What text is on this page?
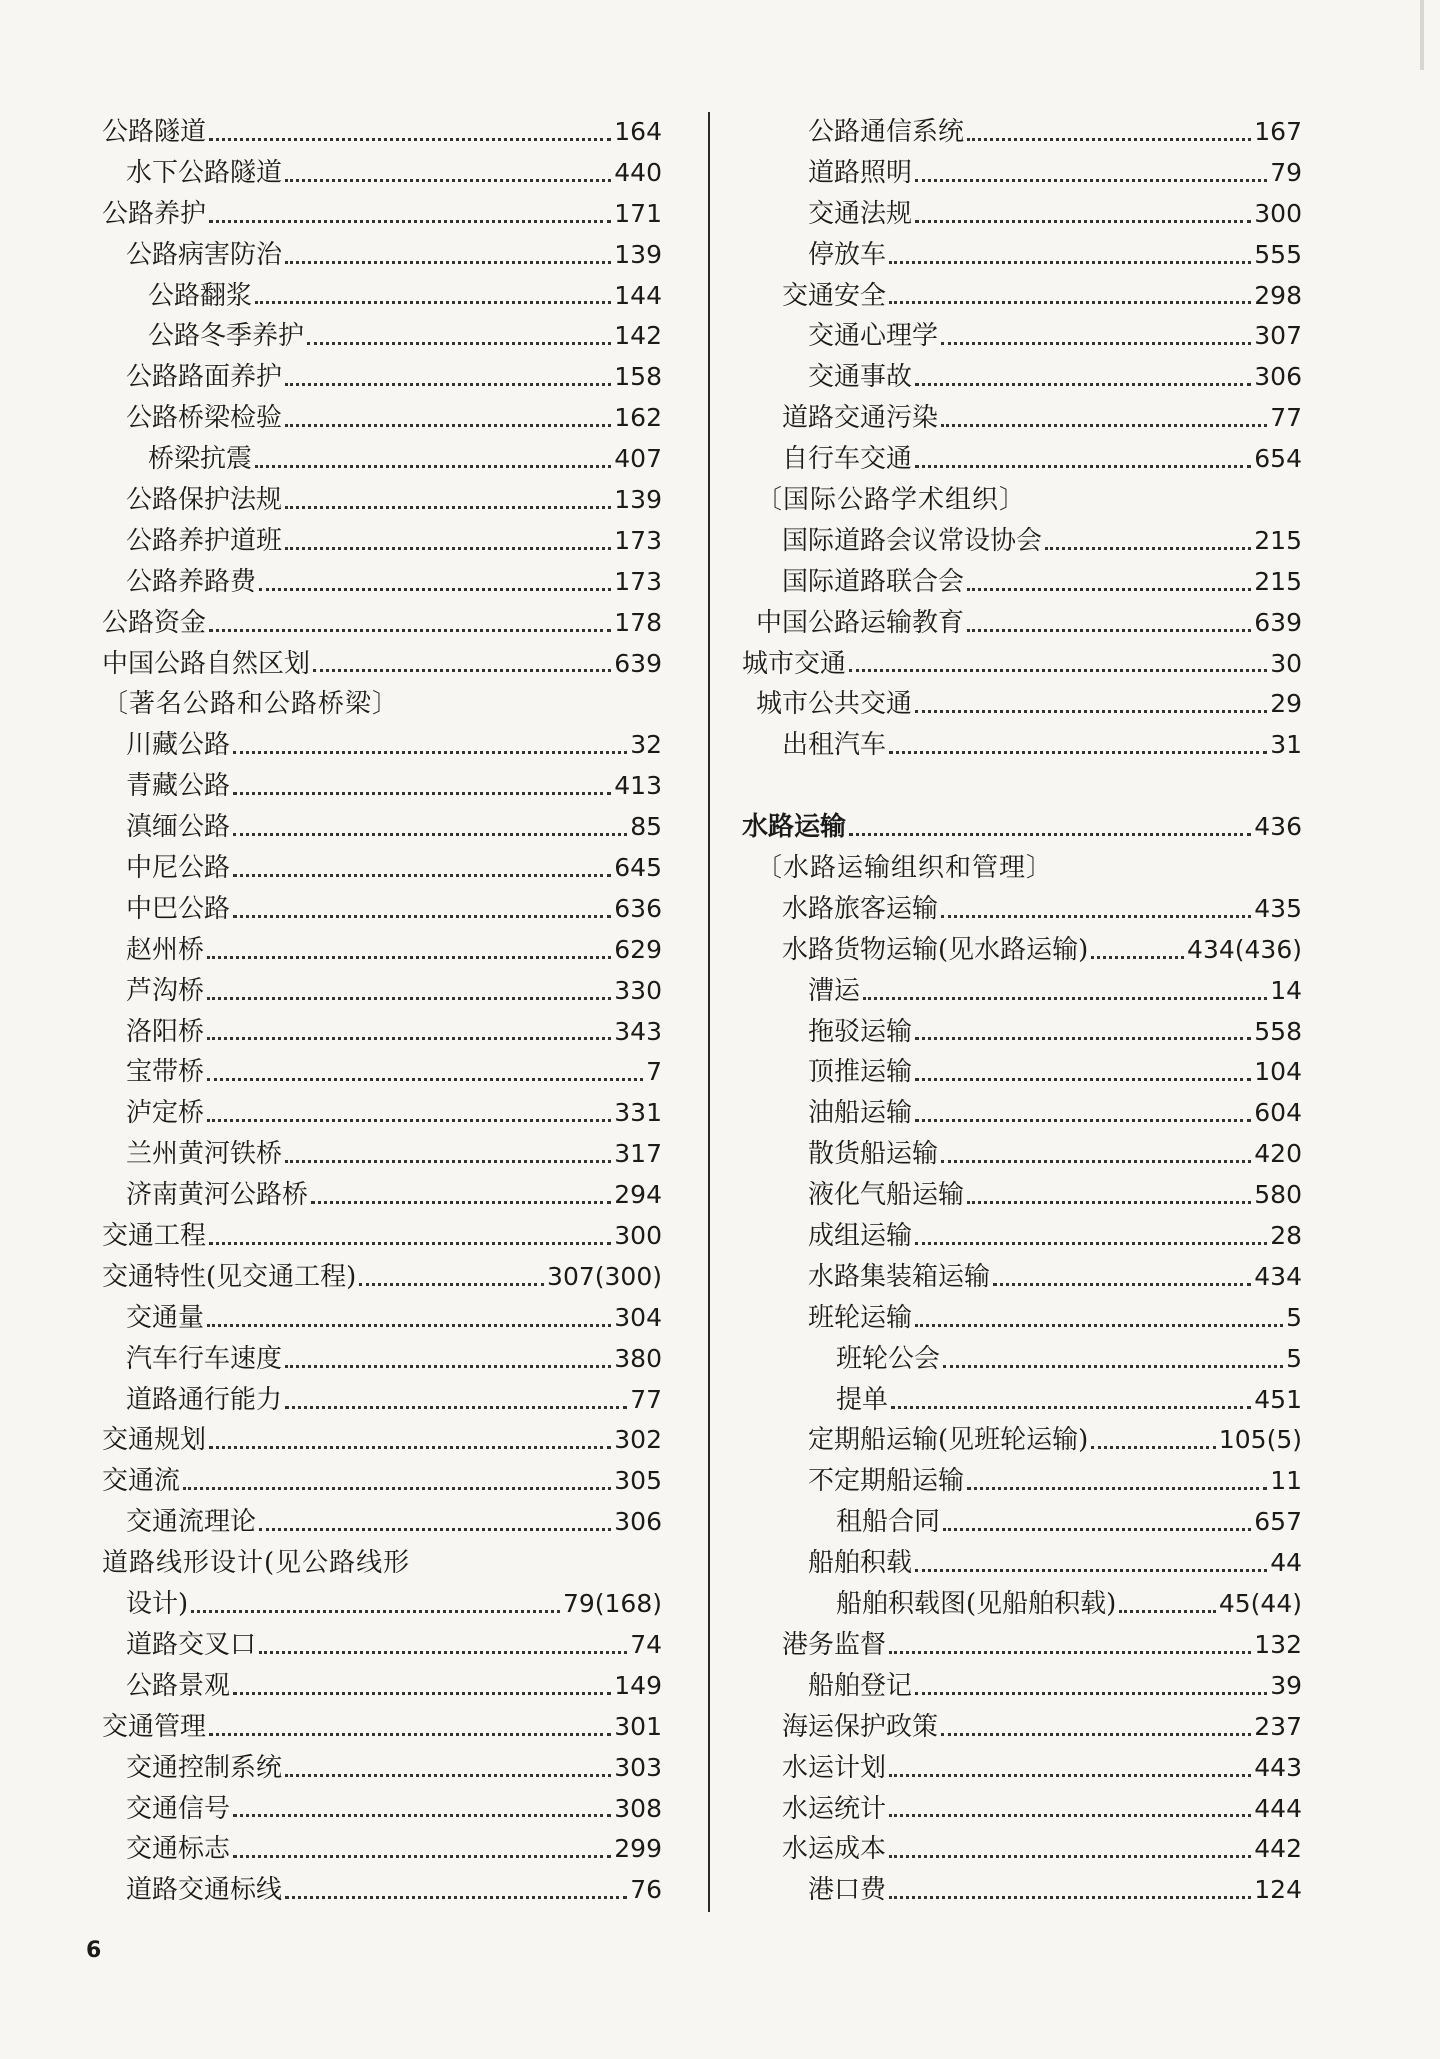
公路隧道	164
水下公路隧道	440
公路养护	171
公路病害防治	139
公路翻浆	144
公路冬季养护	142
公路路面养护	158
公路桥梁检验	162
桥梁抗震	407
公路保护法规	139
公路养护道班	173
公路养路费	173
公路资金	178
中国公路自然区划	639
〔著名公路和公路桥梁〕
川藏公路	32
青藏公路	413
滇缅公路	85
中尼公路	645
中巴公路	636
赵州桥	629
芦沟桥	330
洛阳桥	343
宝带桥	7
泸定桥	331
兰州黄河铁桥	317
济南黄河公路桥	294
交通工程	300
交通特性(见交通工程)	307(300)
交通量	304
汽车行车速度	380
道路通行能力	77
交通规划	302
交通流	305
交通流理论	306
道路线形设计(见公路线形
设计)	79(168)
道路交叉口	74
公路景观	149
交通管理	301
交通控制系统	303
交通信号	308
交通标志	299
道路交通标线	76
公路通信系统	167
道路照明	79
交通法规	300
停放车	555
交通安全	298
交通心理学	307
交通事故	306
道路交通污染	77
自行车交通	654
〔国际公路学术组织〕
国际道路会议常设协会	215
国际道路联合会	215
中国公路运输教育	639
城市交通	30
城市公共交通	29
出租汽车	31
水路运输	436
〔水路运输组织和管理〕
水路旅客运输	435
水路货物运输(见水路运输)	434(436)
漕运	14
拖驳运输	558
顶推运输	104
油船运输	604
散货船运输	420
液化气船运输	580
成组运输	28
水路集装箱运输	434
班轮运输	5
班轮公会	5
提单	451
定期船运输(见班轮运输)	105(5)
不定期船运输	11
租船合同	657
船舶积载	44
船舶积载图(见船舶积载)	45(44)
港务监督	132
船舶登记	39
海运保护政策	237
水运计划	443
水运统计	444
水运成本	442
港口费	124
6
